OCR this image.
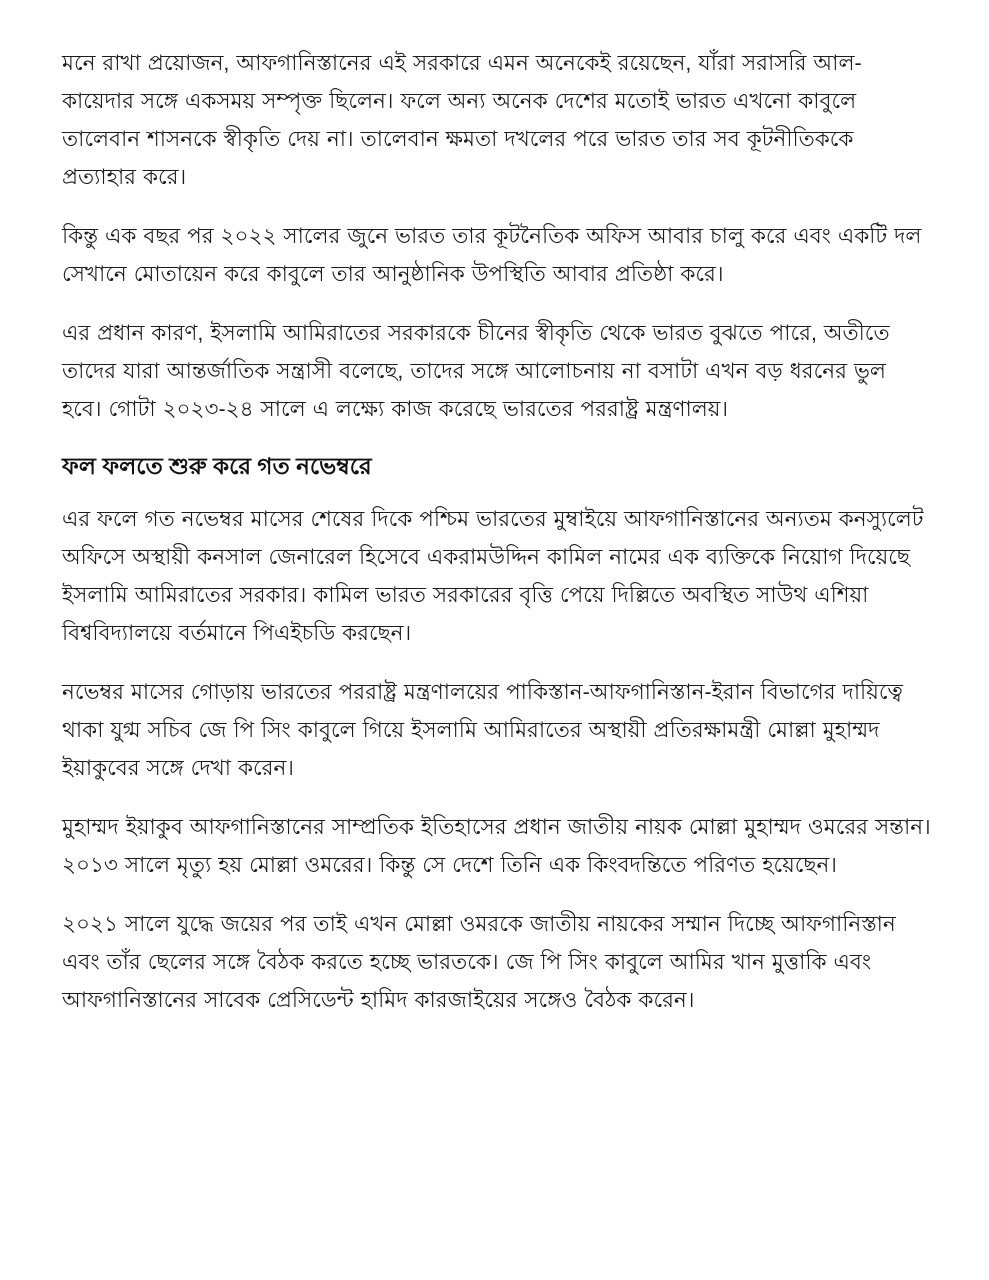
মনে রাখা প্রয়োজন, আফগানিস্তানের এই সরকারে এমন অনেকেই রয়েছেন, যাঁরা সরাসরি আল-কায়েদার সঙ্গে একসময় সম্পৃক্ত ছিলেন। ফলে অন্য অনেক দেশের মতোই ভারত এখনো কাবুলে তালেবান শাসনকে স্বীকৃতি দেয় না। তালেবান ক্ষমতা দখলের পরে ভারত তার সব কূটনীতিককে প্রত্যাহার করে।

কিন্তু এক বছর পর ২০২২ সালের জুনে ভারত তার কূটনৈতিক অফিস আবার চালু করে এবং একটি দল সেখানে মোতায়েন করে কাবুলে তার আনুষ্ঠানিক উপস্থিতি আবার প্রতিষ্ঠা করে।

এর প্রধান কারণ, ইসলামি আমিরাতের সরকারকে চীনের স্বীকৃতি থেকে ভারত বুঝতে পারে, অতীতে তাদের যারা আন্তর্জাতিক সন্ত্রাসী বলেছে, তাদের সঙ্গে আলোচনায় না বসাটা এখন বড় ধরনের ভুল হবে। গোটা ২০২৩-২৪ সালে এ লক্ষ্যে কাজ করেছে ভারতের পররাষ্ট্র মন্ত্রণালয়।

ফল ফলতে শুরু করে গত নভেম্বরে

এর ফলে গত নভেম্বর মাসের শেষের দিকে পশ্চিম ভারতের মুম্বাইয়ে আফগানিস্তানের অন্যতম কনস্যুলেট অফিসে অস্থায়ী কনসাল জেনারেল হিসেবে একরামউদ্দিন কামিল নামের এক ব্যক্তিকে নিয়োগ দিয়েছে ইসলামি আমিরাতের সরকার। কামিল ভারত সরকারের বৃত্তি পেয়ে দিল্লিতে অবস্থিত সাউথ এশিয়া বিশ্ববিদ্যালয়ে বর্তমানে পিএইচডি করছেন।

নভেম্বর মাসের গোড়ায় ভারতের পররাষ্ট্র মন্ত্রণালয়ের পাকিস্তান-আফগানিস্তান-ইরান বিভাগের দায়িত্বে থাকা যুগ্ম সচিব জে পি সিং কাবুলে গিয়ে ইসলামি আমিরাতের অস্থায়ী প্রতিরক্ষামন্ত্রী মোল্লা মুহাম্মদ ইয়াকুবের সঙ্গে দেখা করেন।

মুহাম্মদ ইয়াকুব আফগানিস্তানের সাম্প্রতিক ইতিহাসের প্রধান জাতীয় নায়ক মোল্লা মুহাম্মদ ওমরের সন্তান। ২০১৩ সালে মৃত্যু হয় মোল্লা ওমরের। কিন্তু সে দেশে তিনি এক কিংবদন্তিতে পরিণত হয়েছেন।

২০২১ সালে যুদ্ধে জয়ের পর তাই এখন মোল্লা ওমরকে জাতীয় নায়কের সম্মান দিচ্ছে আফগানিস্তান এবং তাঁর ছেলের সঙ্গে বৈঠক করতে হচ্ছে ভারতকে। জে পি সিং কাবুলে আমির খান মুত্তাকি এবং আফগানিস্তানের সাবেক প্রেসিডেন্ট হামিদ কারজাইয়ের সঙ্গেও বৈঠক করেন।
